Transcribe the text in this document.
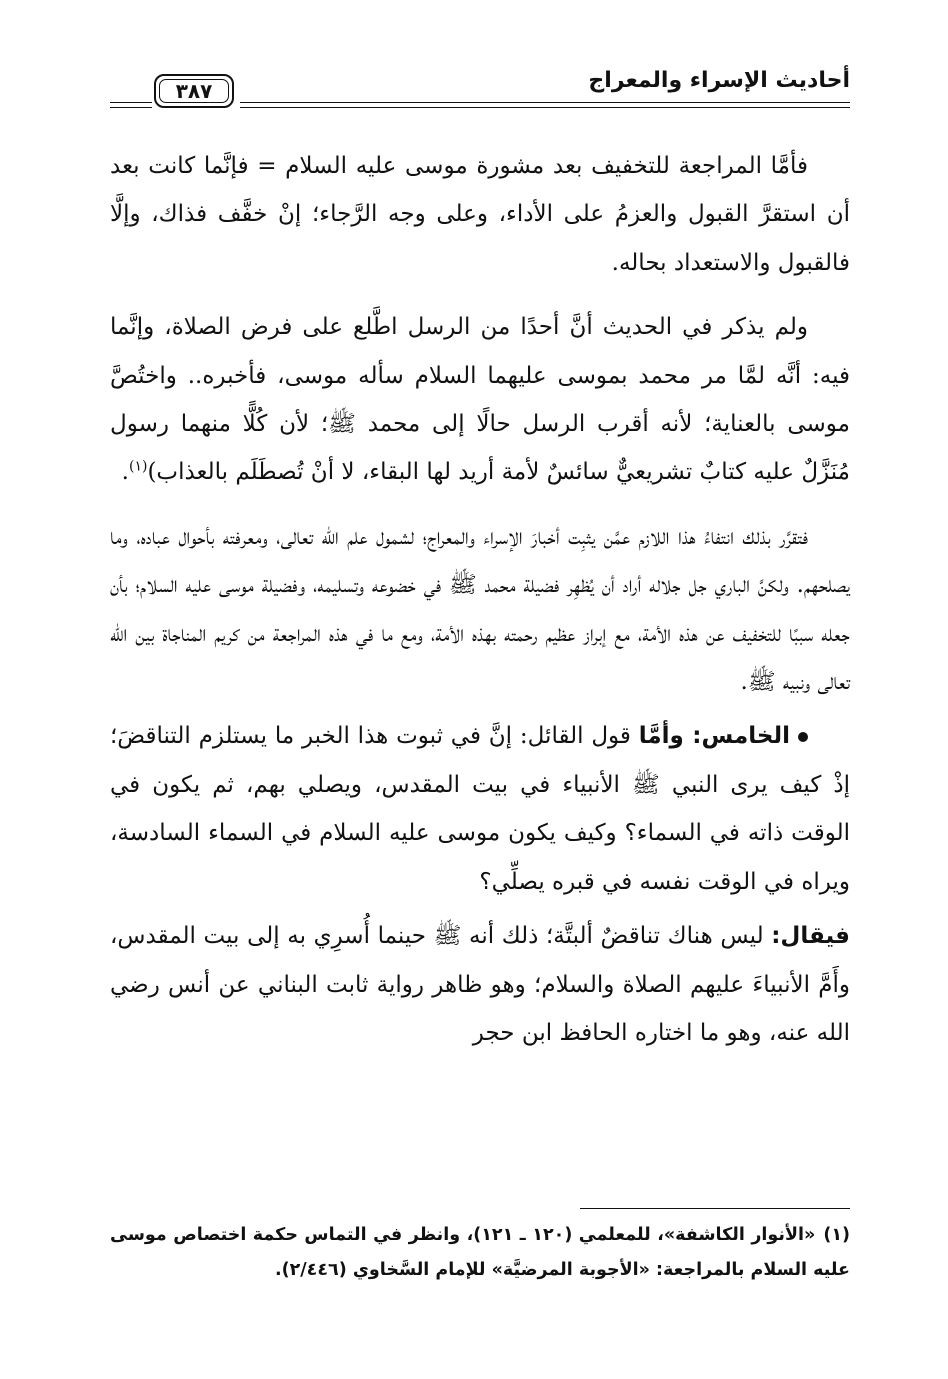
أحاديث الإسراء والمعراج
٣٨٧

فأمَّا المراجعة للتخفيف بعد مشورة موسى عليه السلام = فإنَّما كانت بعد أن استقرَّ القبول والعزمُ على الأداء، وعلى وجه الرَّجاء؛ إنْ خفَّف فذاك، وإلَّا فالقبول والاستعداد بحاله.

ولم يذكر في الحديث أنَّ أحدًا من الرسل اطَّلع على فرض الصلاة، وإنَّما فيه: أنَّه لمَّا مر محمد بموسى عليهما السلام سأله موسى، فأخبره.. واختُصَّ موسى بالعناية؛ لأنه أقرب الرسل حالًا إلى محمد ﷺ؛ لأن كُلًّا منهما رسول مُنَزَّلٌ عليه كتابٌ تشريعيٌّ سائسٌ لأمة أريد لها البقاء، لا أنْ تُصطَلَم بالعذاب)$^{(١)}$.

فتقرَّر بذلك انتفاءُ هذا اللازم عمَّن يثبِت أخبارَ الإسراء والمعراج؛ لشمول علم الله تعالى، ومعرفته بأحوال عباده، وما يصلحهم. ولكنَّ الباري جل جلاله أراد أن يُظهِر فضيلة محمد ﷺ في خضوعه وتسليمه، وفضيلة موسى عليه السلام؛ بأن جعله سببًا للتخفيف عن هذه الأمة، مع إبراز عظيم رحمته بهذه الأمة، ومع ما في هذه المراجعة من كريم المناجاة بين الله تعالى ونبيه ﷺ.

الخامس: وأمَّا قول القائل: إنَّ في ثبوت هذا الخبر ما يستلزم التناقضَ؛ إذْ كيف يرى النبي ﷺ الأنبياء في بيت المقدس، ويصلي بهم، ثم يكون في الوقت ذاته في السماء؟ وكيف يكون موسى عليه السلام في السماء السادسة، ويراه في الوقت نفسه في قبره يصلِّي؟

فيقال: ليس هناك تناقضٌ ألبتَّة؛ ذلك أنه ﷺ حينما أُسرِي به إلى بيت المقدس، وأَمَّ الأنبياءَ عليهم الصلاة والسلام؛ وهو ظاهر رواية ثابت البناني عن أنس رضي الله عنه، وهو ما اختاره الحافظ ابن حجر

(١)«الأنوار الكاشفة»، للمعلمي (١٢٠ ـ ١٢١)، وانظر في التماس حكمة اختصاص موسى عليه السلام بالمراجعة: «الأجوبة المرضيَّة» للإمام السَّخاوي (٢/٤٤٦).
